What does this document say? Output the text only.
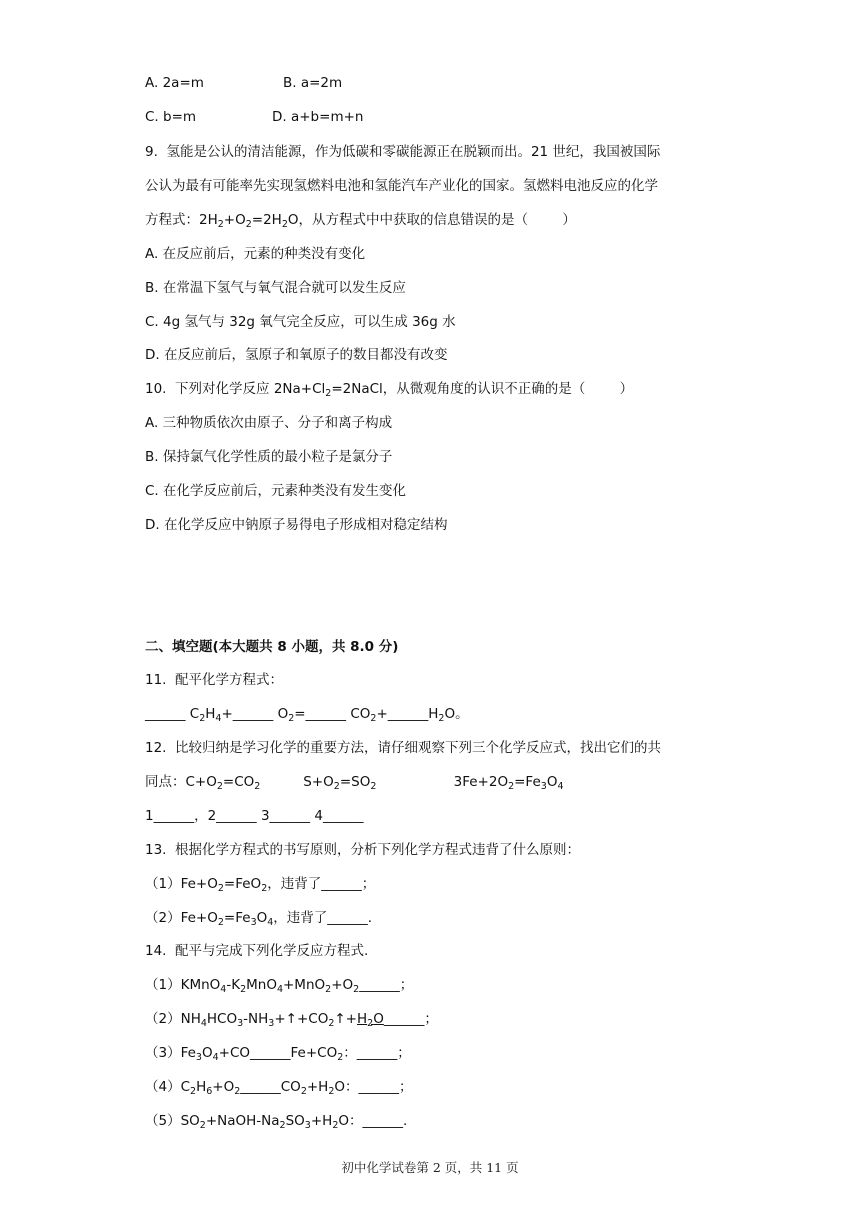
A. 2a=m	B. a=2m
C. b=m	D. a+b=m+n
9.  氢能是公认的清洁能源，作为低碳和零碳能源正在脱颖而出。21 世纪，我国被国际
公认为最有可能率先实现氢燃料电池和氢能汽车产业化的国家。氢燃料电池反应的化学
方程式：$2H_2+O_2=2H_2O$，从方程式中中获取的信息错误的是（        ）
A. 在反应前后，元素的种类没有变化
B. 在常温下氢气与氧气混合就可以发生反应
C. 4g 氢气与 32g 氧气完全反应，可以生成 36g 水
D. 在反应前后，氢原子和氧原子的数目都没有改变
10.  下列对化学反应 $2Na+Cl_2=2NaCl$，从微观角度的认识不正确的是（        ）
A. 三种物质依次由原子、分子和离子构成
B. 保持氯气化学性质的最小粒子是氯分子
C. 在化学反应前后，元素种类没有发生变化
D. 在化学反应中钠原子易得电子形成相对稳定结构
二、填空题(本大题共 8 小题，共 8.0 分)
11.  配平化学方程式：
______ $C_2H_4+\_\_\_\_\_\_$ $O_2=\_\_\_\_\_\_$ $CO_2+\_\_\_\_\_\_H_2O$。
12.  比较归纳是学习化学的重要方法，请仔细观察下列三个化学反应式，找出它们的共
同点：$C+O_2=CO_2$          $S+O_2=SO_2$                  $3Fe+2O_2=Fe_3O_4$
1______，2______ 3______ 4______
13.  根据化学方程式的书写原则，分析下列化学方程式违背了什么原则：
$(1)Fe+O_2=FeO_2$，违背了______；
$(2)Fe+O_2=Fe_3O_4$，违背了______.
14.  配平与完成下列化学反应方程式.
$(1)KMnO_4-K_2MnO_4+MnO_2+O_2\_\_\_\_\_\_$；
$(2)NH_4HCO_3-NH_3+↑+CO_2↑+H_2O\_\_\_\_\_\_$；
$(3)Fe_3O_4+CO\_\_\_\_\_\_Fe+CO_2$：______；
$(4)C_2H_6+O_2\_\_\_\_\_\_CO_2+H_2O$：______；
$(5)SO_2+NaOH-Na_2SO_3+H_2O$：______.
初中化学试卷第 2 页，共 11 页
